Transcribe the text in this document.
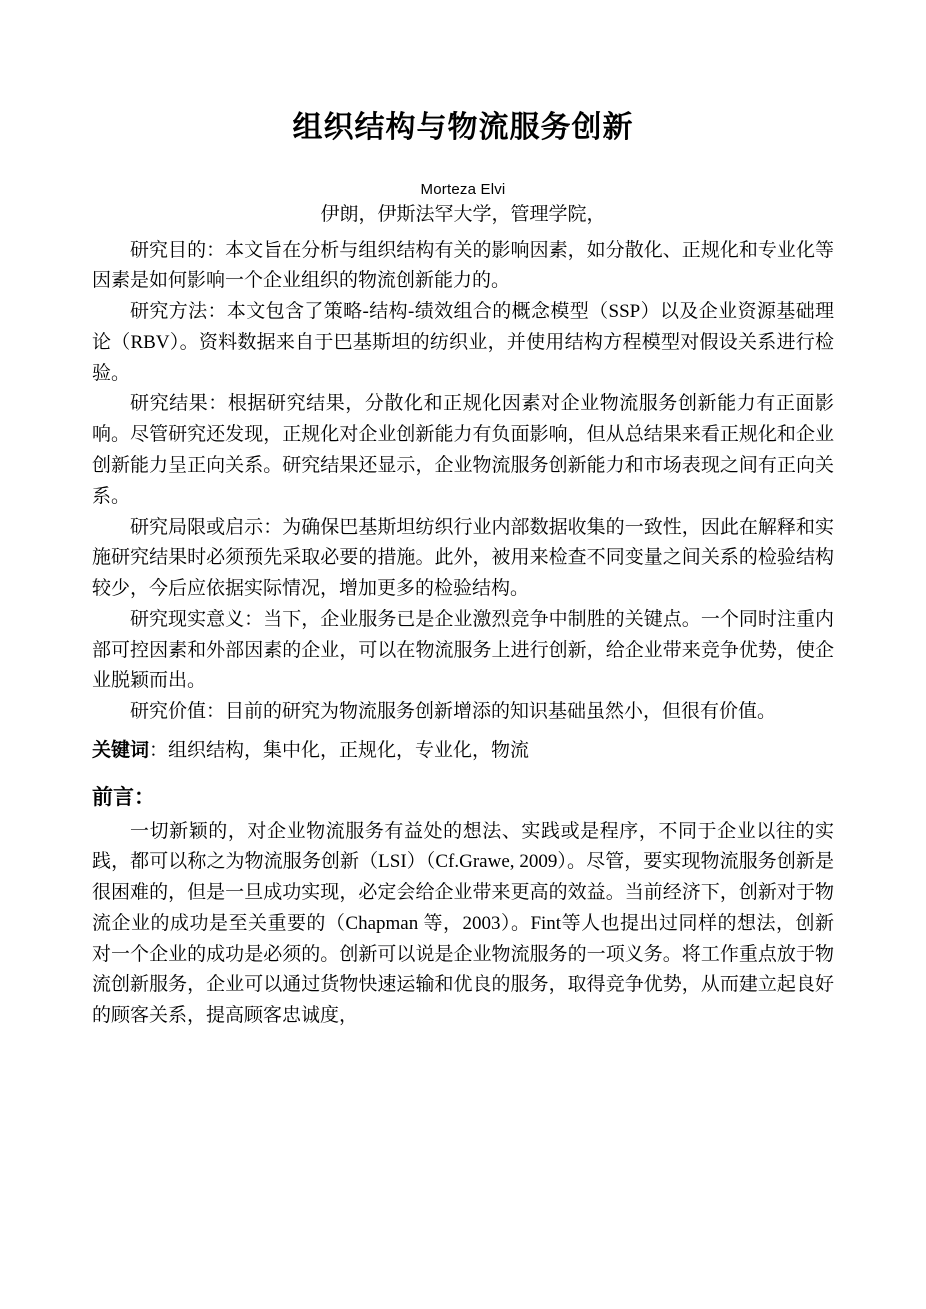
组织结构与物流服务创新
Morteza Elvi
伊朗，伊斯法罕大学，管理学院，

研究目的：本文旨在分析与组织结构有关的影响因素，如分散化、正规化和专业化等因素是如何影响一个企业组织的物流创新能力的。

研究方法：本文包含了策略-结构-绩效组合的概念模型（SSP）以及企业资源基础理论（RBV）。资料数据来自于巴基斯坦的纺织业，并使用结构方程模型对假设关系进行检验。

研究结果：根据研究结果，分散化和正规化因素对企业物流服务创新能力有正面影响。尽管研究还发现，正规化对企业创新能力有负面影响，但从总结果来看正规化和企业创新能力呈正向关系。研究结果还显示，企业物流服务创新能力和市场表现之间有正向关系。

研究局限或启示：为确保巴基斯坦纺织行业内部数据收集的一致性，因此在解释和实施研究结果时必须预先采取必要的措施。此外，被用来检查不同变量之间关系的检验结构较少，今后应依据实际情况，增加更多的检验结构。

研究现实意义：当下，企业服务已是企业激烈竞争中制胜的关键点。一个同时注重内部可控因素和外部因素的企业，可以在物流服务上进行创新，给企业带来竞争优势，使企业脱颖而出。

研究价值：目前的研究为物流服务创新增添的知识基础虽然小，但很有价值。

关键词：组织结构，集中化，正规化，专业化，物流
前言：

一切新颖的，对企业物流服务有益处的想法、实践或是程序，不同于企业以往的实践，都可以称之为物流服务创新（LSI）（Cf.Grawe, 2009）。尽管，要实现物流服务创新是很困难的，但是一旦成功实现，必定会给企业带来更高的效益。当前经济下，创新对于物流企业的成功是至关重要的（Chapman 等，2003）。Fint等人也提出过同样的想法，创新对一个企业的成功是必须的。创新可以说是企业物流服务的一项义务。将工作重点放于物流创新服务，企业可以通过货物快速运输和优良的服务，取得竞争优势，从而建立起良好的顾客关系，提高顾客忠诚度，
